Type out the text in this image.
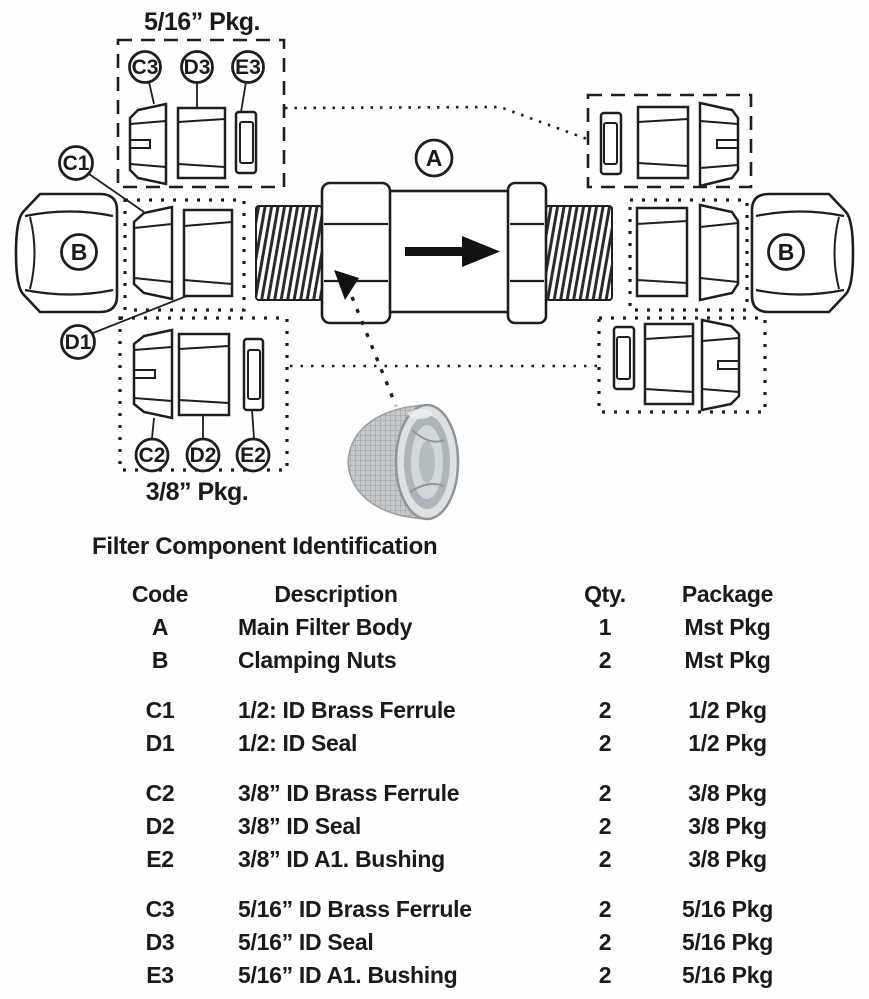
5/16” Pkg.
C3 D3 E3
B
C1
D1
C2 D2 E2
3/8” Pkg.
A
B
Filter Component Identification
Code	Description	Qty.	Package
A	Main Filter Body	1	Mst Pkg
B	Clamping Nuts	2	Mst Pkg
C1	1/2: ID Brass Ferrule	2	1/2 Pkg
D1	1/2: ID Seal	2	1/2 Pkg
C2	3/8” ID Brass Ferrule	2	3/8 Pkg
D2	3/8” ID Seal	2	3/8 Pkg
E2	3/8” ID A1. Bushing	2	3/8 Pkg
C3	5/16” ID Brass Ferrule	2	5/16 Pkg
D3	5/16” ID Seal	2	5/16 Pkg
E3	5/16” ID A1. Bushing	2	5/16 Pkg
